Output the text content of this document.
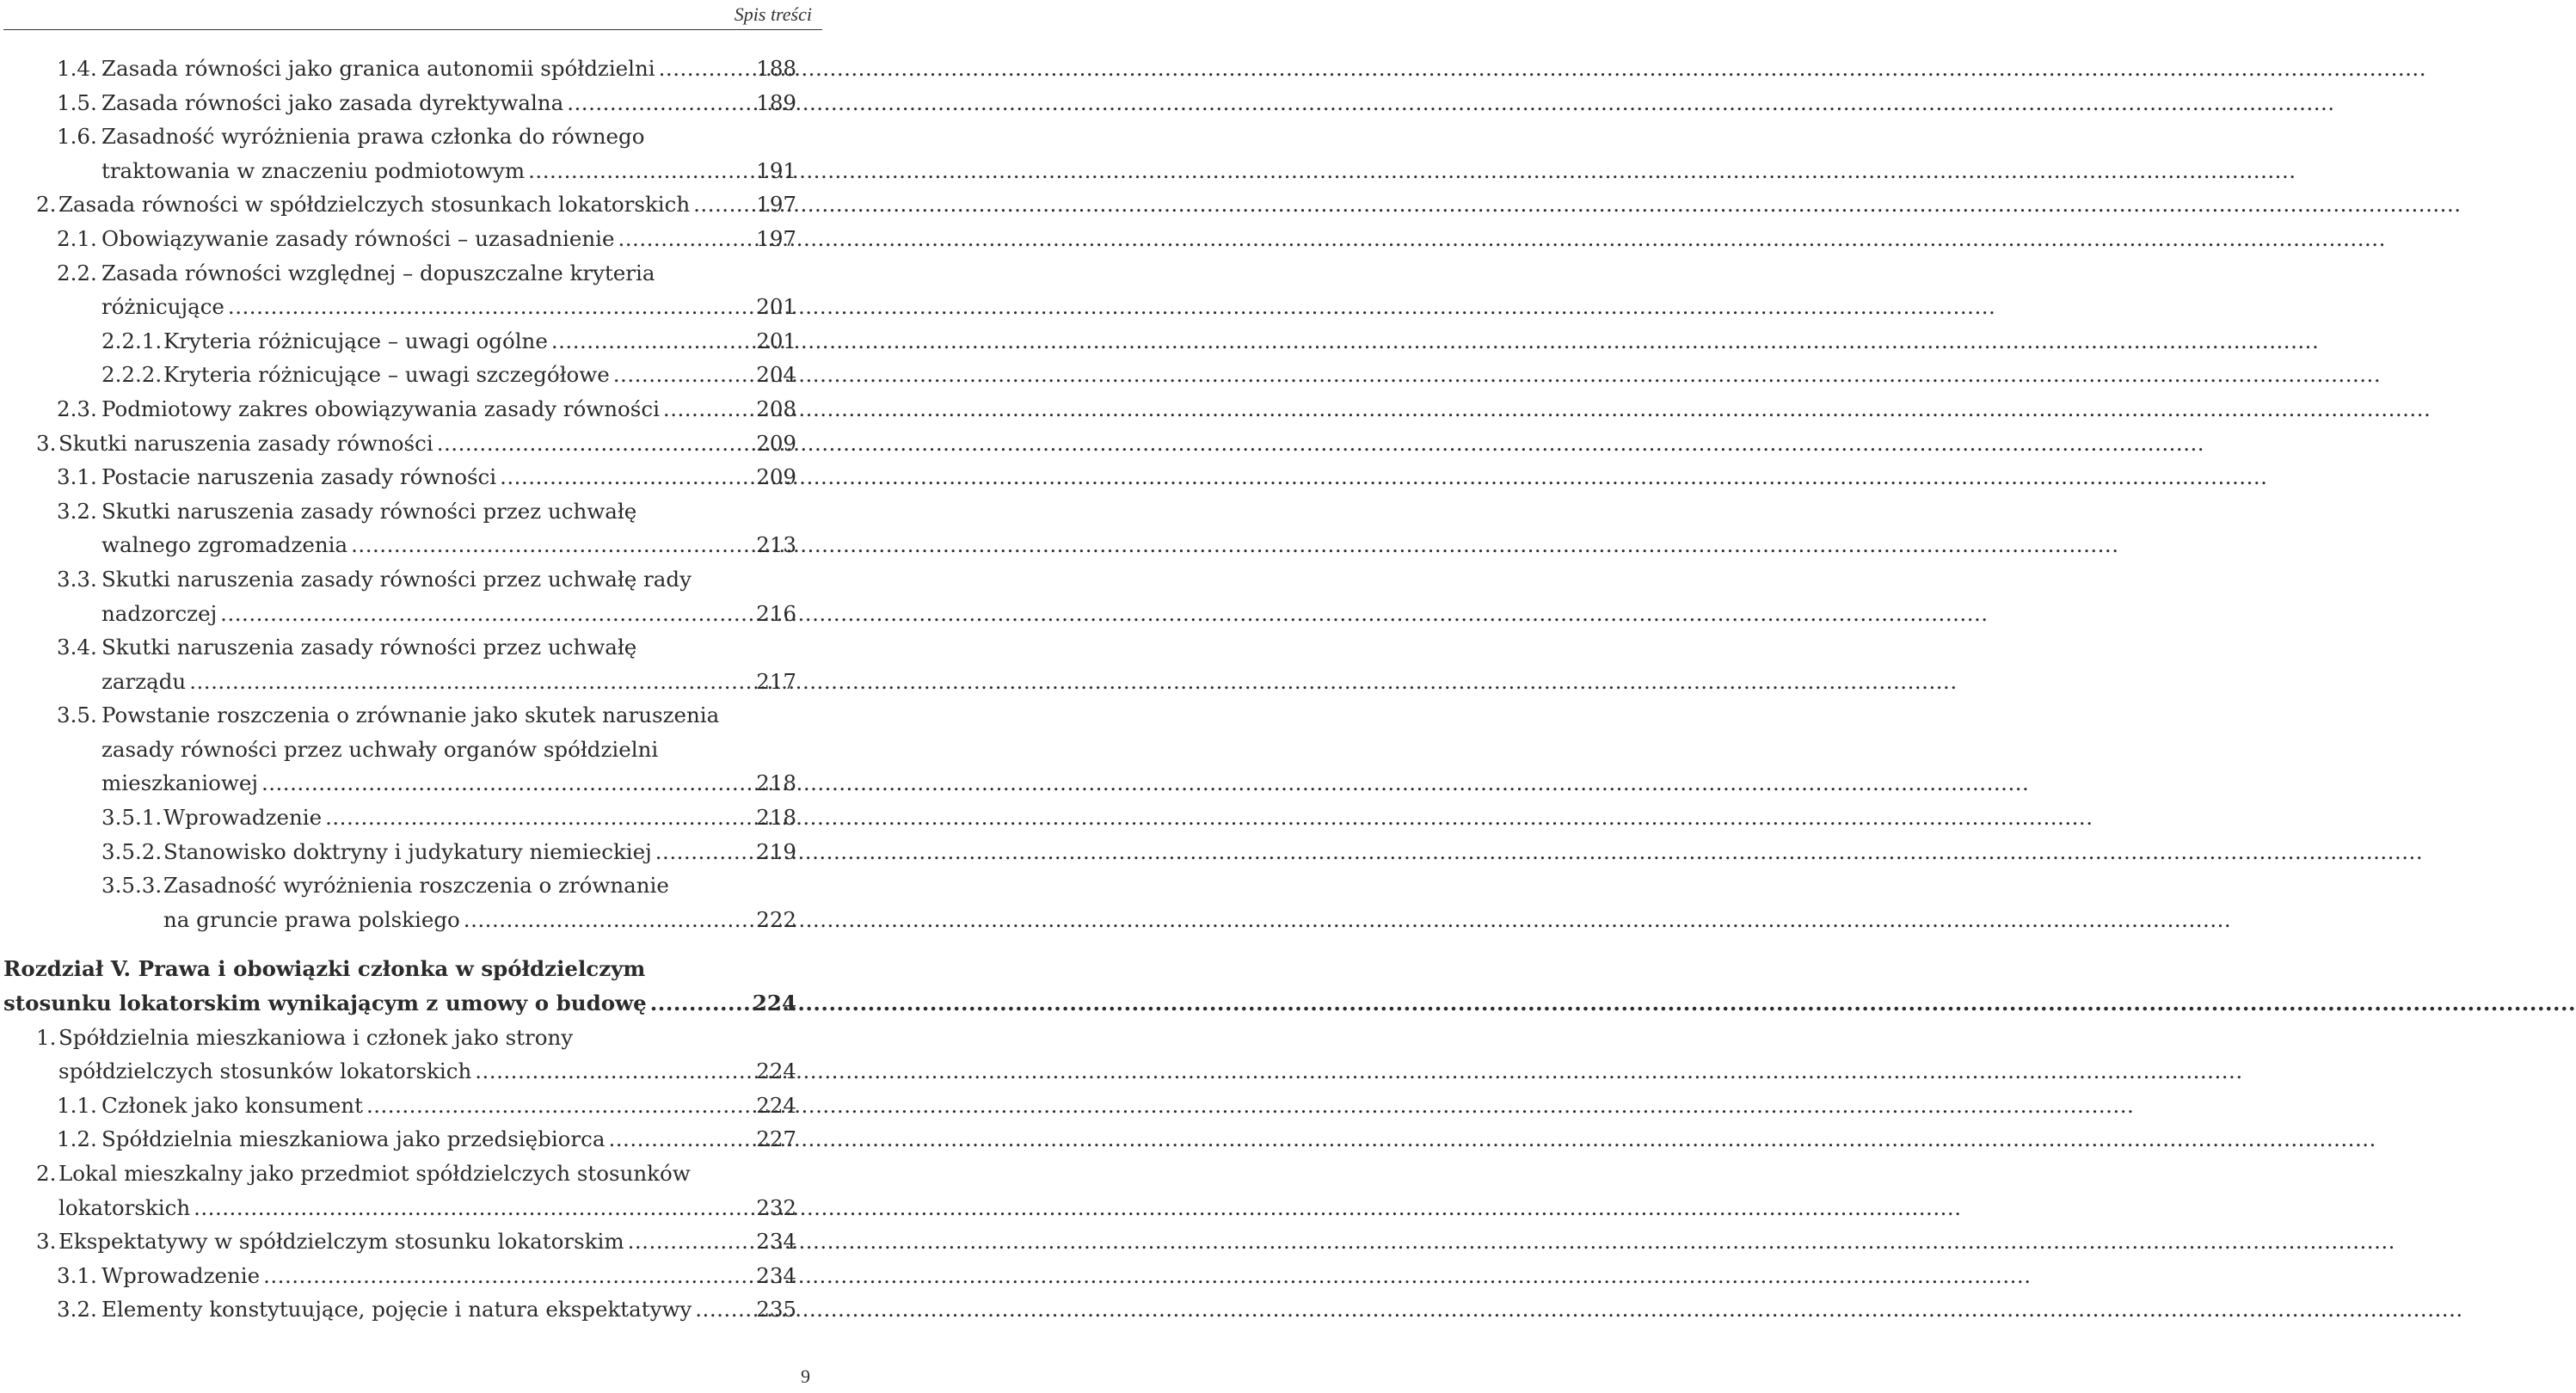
Spis treści
1.4. Zasada równości jako granica autonomii spółdzielni .....	188
1.5. Zasada równości jako zasada dyrektywalna .....	189
1.6. Zasadność wyróżnienia prawa członka do równego
traktowania w znaczeniu podmiotowym .....	191
2. Zasada równości w spółdzielczych stosunkach lokatorskich .....	197
2.1. Obowiązywanie zasady równości – uzasadnienie .....	197
2.2. Zasada równości względnej – dopuszczalne kryteria
różnicujące .....	201
2.2.1. Kryteria różnicujące – uwagi ogólne .....	201
2.2.2. Kryteria różnicujące – uwagi szczegółowe .....	204
2.3. Podmiotowy zakres obowiązywania zasady równości .....	208
3. Skutki naruszenia zasady równości .....	209
3.1. Postacie naruszenia zasady równości .....	209
3.2. Skutki naruszenia zasady równości przez uchwałę
walnego zgromadzenia .....	213
3.3. Skutki naruszenia zasady równości przez uchwałę rady
nadzorczej .....	216
3.4. Skutki naruszenia zasady równości przez uchwałę
zarządu .....	217
3.5. Powstanie roszczenia o zrównanie jako skutek naruszenia
zasady równości przez uchwały organów spółdzielni
mieszkaniowej .....	218
3.5.1. Wprowadzenie .....	218
3.5.2. Stanowisko doktryny i judykatury niemieckiej .....	219
3.5.3. Zasadność wyróżnienia roszczenia o zrównanie
na gruncie prawa polskiego .....	222
Rozdział V. Prawa i obowiązki członka w spółdzielczym
stosunku lokatorskim wynikającym z umowy o budowę .....	224
1. Spółdzielnia mieszkaniowa i członek jako strony
spółdzielczych stosunków lokatorskich .....	224
1.1. Członek jako konsument .....	224
1.2. Spółdzielnia mieszkaniowa jako przedsiębiorca .....	227
2. Lokal mieszkalny jako przedmiot spółdzielczych stosunków
lokatorskich .....	232
3. Ekspektatywy w spółdzielczym stosunku lokatorskim .....	234
3.1. Wprowadzenie .....	234
3.2. Elementy konstytuujące, pojęcie i natura ekspektatywy .....	235
9
